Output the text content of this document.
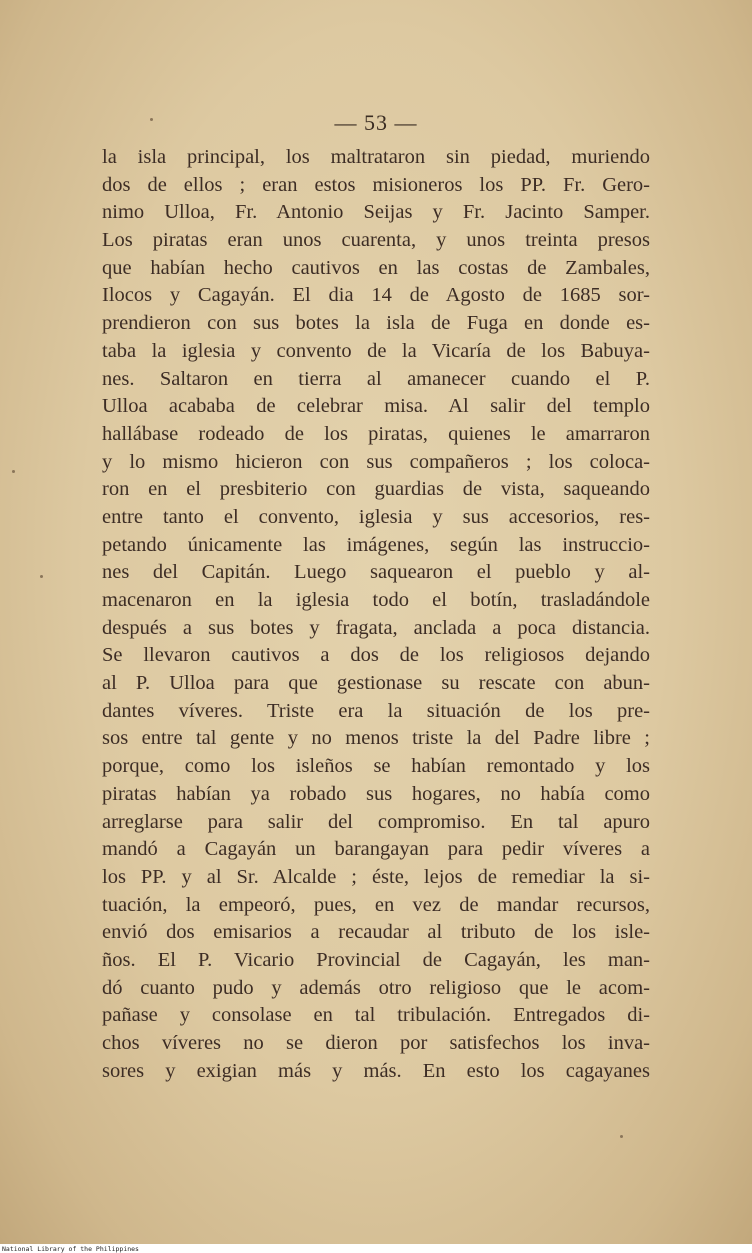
— 53 —
la isla principal, los maltrataron sin piedad, muriendo
dos de ellos ; eran estos misioneros los PP. Fr. Gero-
nimo Ulloa, Fr. Antonio Seijas y Fr. Jacinto Samper.
Los piratas eran unos cuarenta, y unos treinta presos
que habían hecho cautivos en las costas de Zambales,
Ilocos y Cagayán. El dia 14 de Agosto de 1685 sor-
prendieron con sus botes la isla de Fuga en donde es-
taba la iglesia y convento de la Vicaría de los Babuya-
nes. Saltaron en tierra al amanecer cuando el P.
Ulloa acababa de celebrar misa. Al salir del templo
hallábase rodeado de los piratas, quienes le amarraron
y lo mismo hicieron con sus compañeros ; los coloca-
ron en el presbiterio con guardias de vista, saqueando
entre tanto el convento, iglesia y sus accesorios, res-
petando únicamente las imágenes, según las instruccio-
nes del Capitán. Luego saquearon el pueblo y al-
macenaron en la iglesia todo el botín, trasladándole
después a sus botes y fragata, anclada a poca distancia.
Se llevaron cautivos a dos de los religiosos dejando
al P. Ulloa para que gestionase su rescate con abun-
dantes víveres. Triste era la situación de los pre-
sos entre tal gente y no menos triste la del Padre libre ;
porque, como los isleños se habían remontado y los
piratas habían ya robado sus hogares, no había como
arreglarse para salir del compromiso. En tal apuro
mandó a Cagayán un barangayan para pedir víveres a
los PP. y al Sr. Alcalde ; éste, lejos de remediar la si-
tuación, la empeoró, pues, en vez de mandar recursos,
envió dos emisarios a recaudar al tributo de los isle-
ños. El P. Vicario Provincial de Cagayán, les man-
dó cuanto pudo y además otro religioso que le acom-
pañase y consolase en tal tribulación. Entregados di-
chos víveres no se dieron por satisfechos los inva-
sores y exigian más y más. En esto los cagayanes
National Library of the Philippines
